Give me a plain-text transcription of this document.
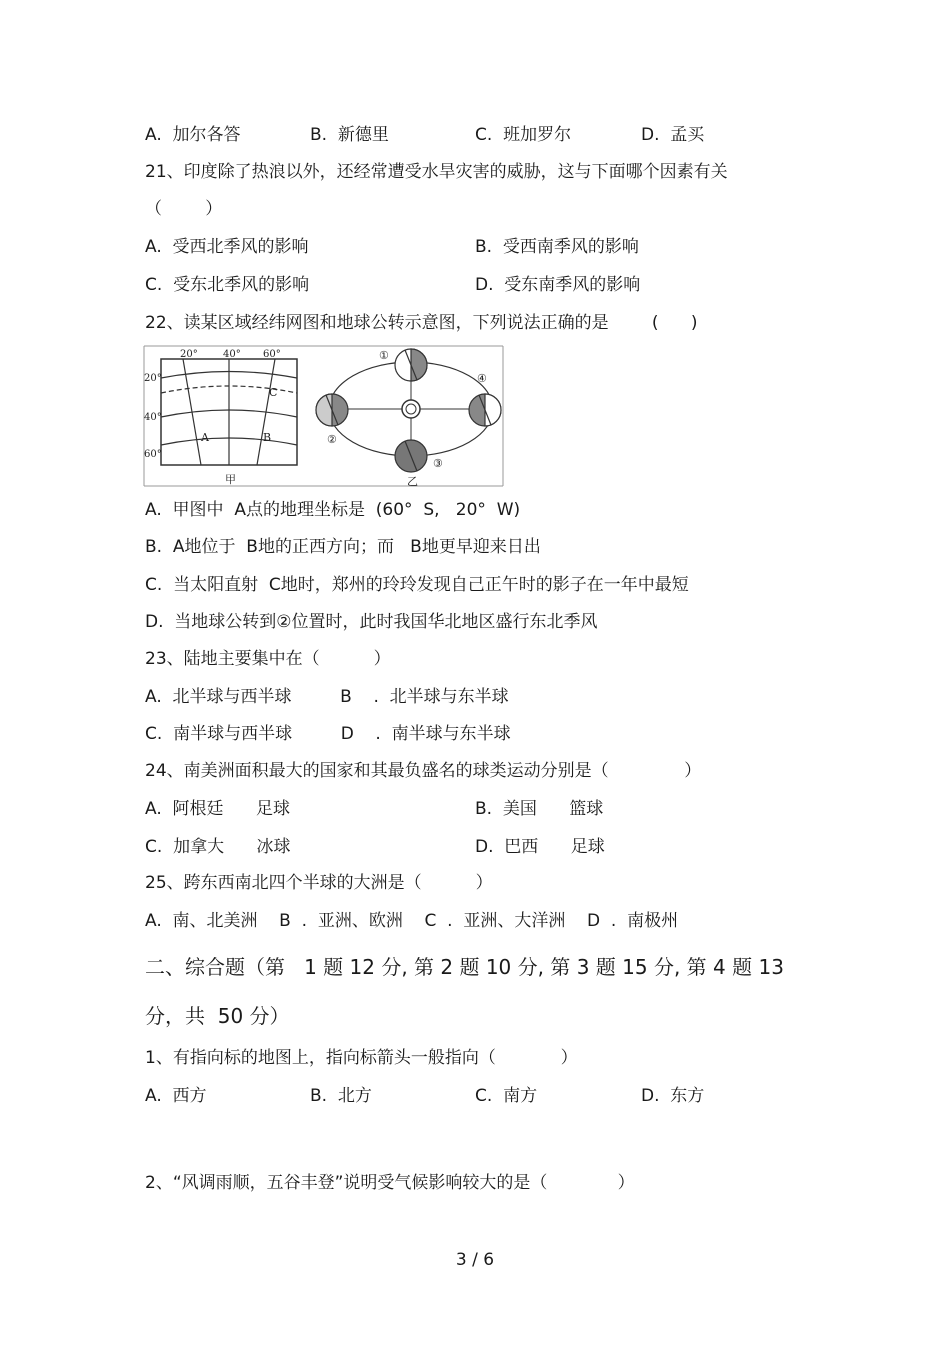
A.  加尔各答	B.  新德里	C.  班加罗尔	D.  孟买
21、印度除了热浪以外，还经常遭受水旱灾害的威胁，这与下面哪个因素有关
（        ）
A.  受西北季风的影响	B.  受西南季风的影响
C.  受东北季风的影响	D.  受东南季风的影响
22、读某区域经纬网图和地球公转示意图，下列说法正确的是        (      )
20°	40° 60°
20°
40°
60°
A	B
C
甲	乙
①
②
③
④
A.  甲图中  A点的地理坐标是  (60°  S,   20°  W)
B.  A地位于  B地的正西方向；而   B地更早迎来日出
C.  当太阳直射  C地时，郑州的玲玲发现自己正午时的影子在一年中最短
D.  当地球公转到②位置时，此时我国华北地区盛行东北季风
23、陆地主要集中在（          ）
A.  北半球与西半球         B    .  北半球与东半球
C.  南半球与西半球         D    .  南半球与东半球
24、南美洲面积最大的国家和其最负盛名的球类运动分别是（              ）
A.  阿根廷      足球	B.  美国      篮球
C.  加拿大      冰球	D.  巴西      足球
25、跨东西南北四个半球的大洲是（          ）
A.  南、北美洲    B  .  亚洲、欧洲    C  .  亚洲、大洋洲    D  .  南极州
二、综合题（第   1 题 12 分, 第 2 题 10 分, 第 3 题 15 分, 第 4 题 13
分，共  50 分）
1、有指向标的地图上，指向标箭头一般指向（            ）
A.  西方	B.  北方	C.  南方	D.  东方
2、“风调雨顺，五谷丰登”说明受气候影响较大的是（             ）
3 / 6
